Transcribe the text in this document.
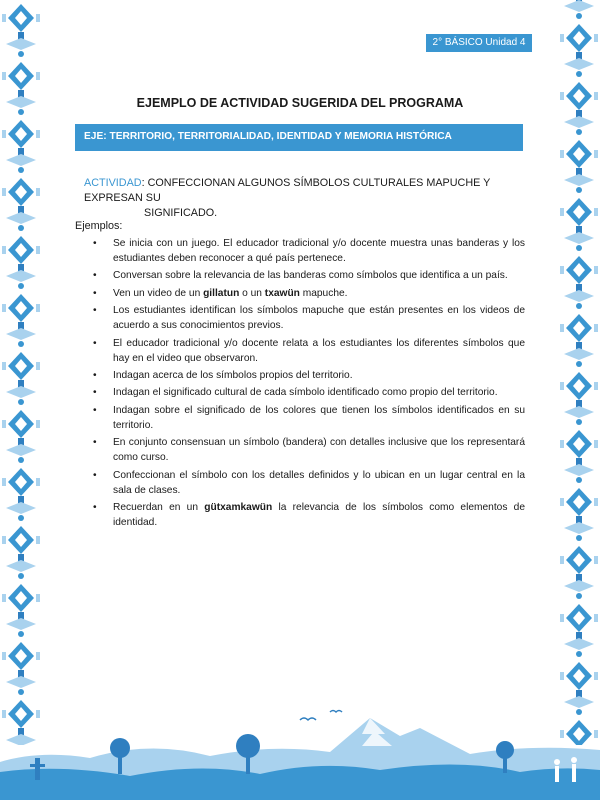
2° BÁSICO Unidad 4
EJEMPLO DE ACTIVIDAD SUGERIDA DEL PROGRAMA
EJE: TERRITORIO, TERRITORIALIDAD, IDENTIDAD Y MEMORIA HISTÓRICA
ACTIVIDAD: CONFECCIONAN ALGUNOS SÍMBOLOS CULTURALES MAPUCHE Y EXPRESAN SU
SIGNIFICADO.
Ejemplos:
• Se inicia con un juego. El educador tradicional y/o docente muestra unas banderas y los estudiantes deben reconocer a qué país pertenece.
• Conversan sobre la relevancia de las banderas como símbolos que identifica a un país.
• Ven un video de un gillatun o un txawün mapuche.
• Los estudiantes identifican los símbolos mapuche que están presentes en los videos de acuerdo a sus conocimientos previos.
• El educador tradicional y/o docente relata a los estudiantes los diferentes símbolos que hay en el video que observaron.
• Indagan acerca de los símbolos propios del territorio.
• Indagan el significado cultural de cada símbolo identificado como propio del territorio.
• Indagan sobre el significado de los colores que tienen los símbolos identificados en su territorio.
• En conjunto consensuan un símbolo (bandera) con detalles inclusive que los representará como curso.
• Confeccionan el símbolo con los detalles definidos y lo ubican en un lugar central en la sala de clases.
• Recuerdan en un gütxamkawün la relevancia de los símbolos como elementos de identidad.
